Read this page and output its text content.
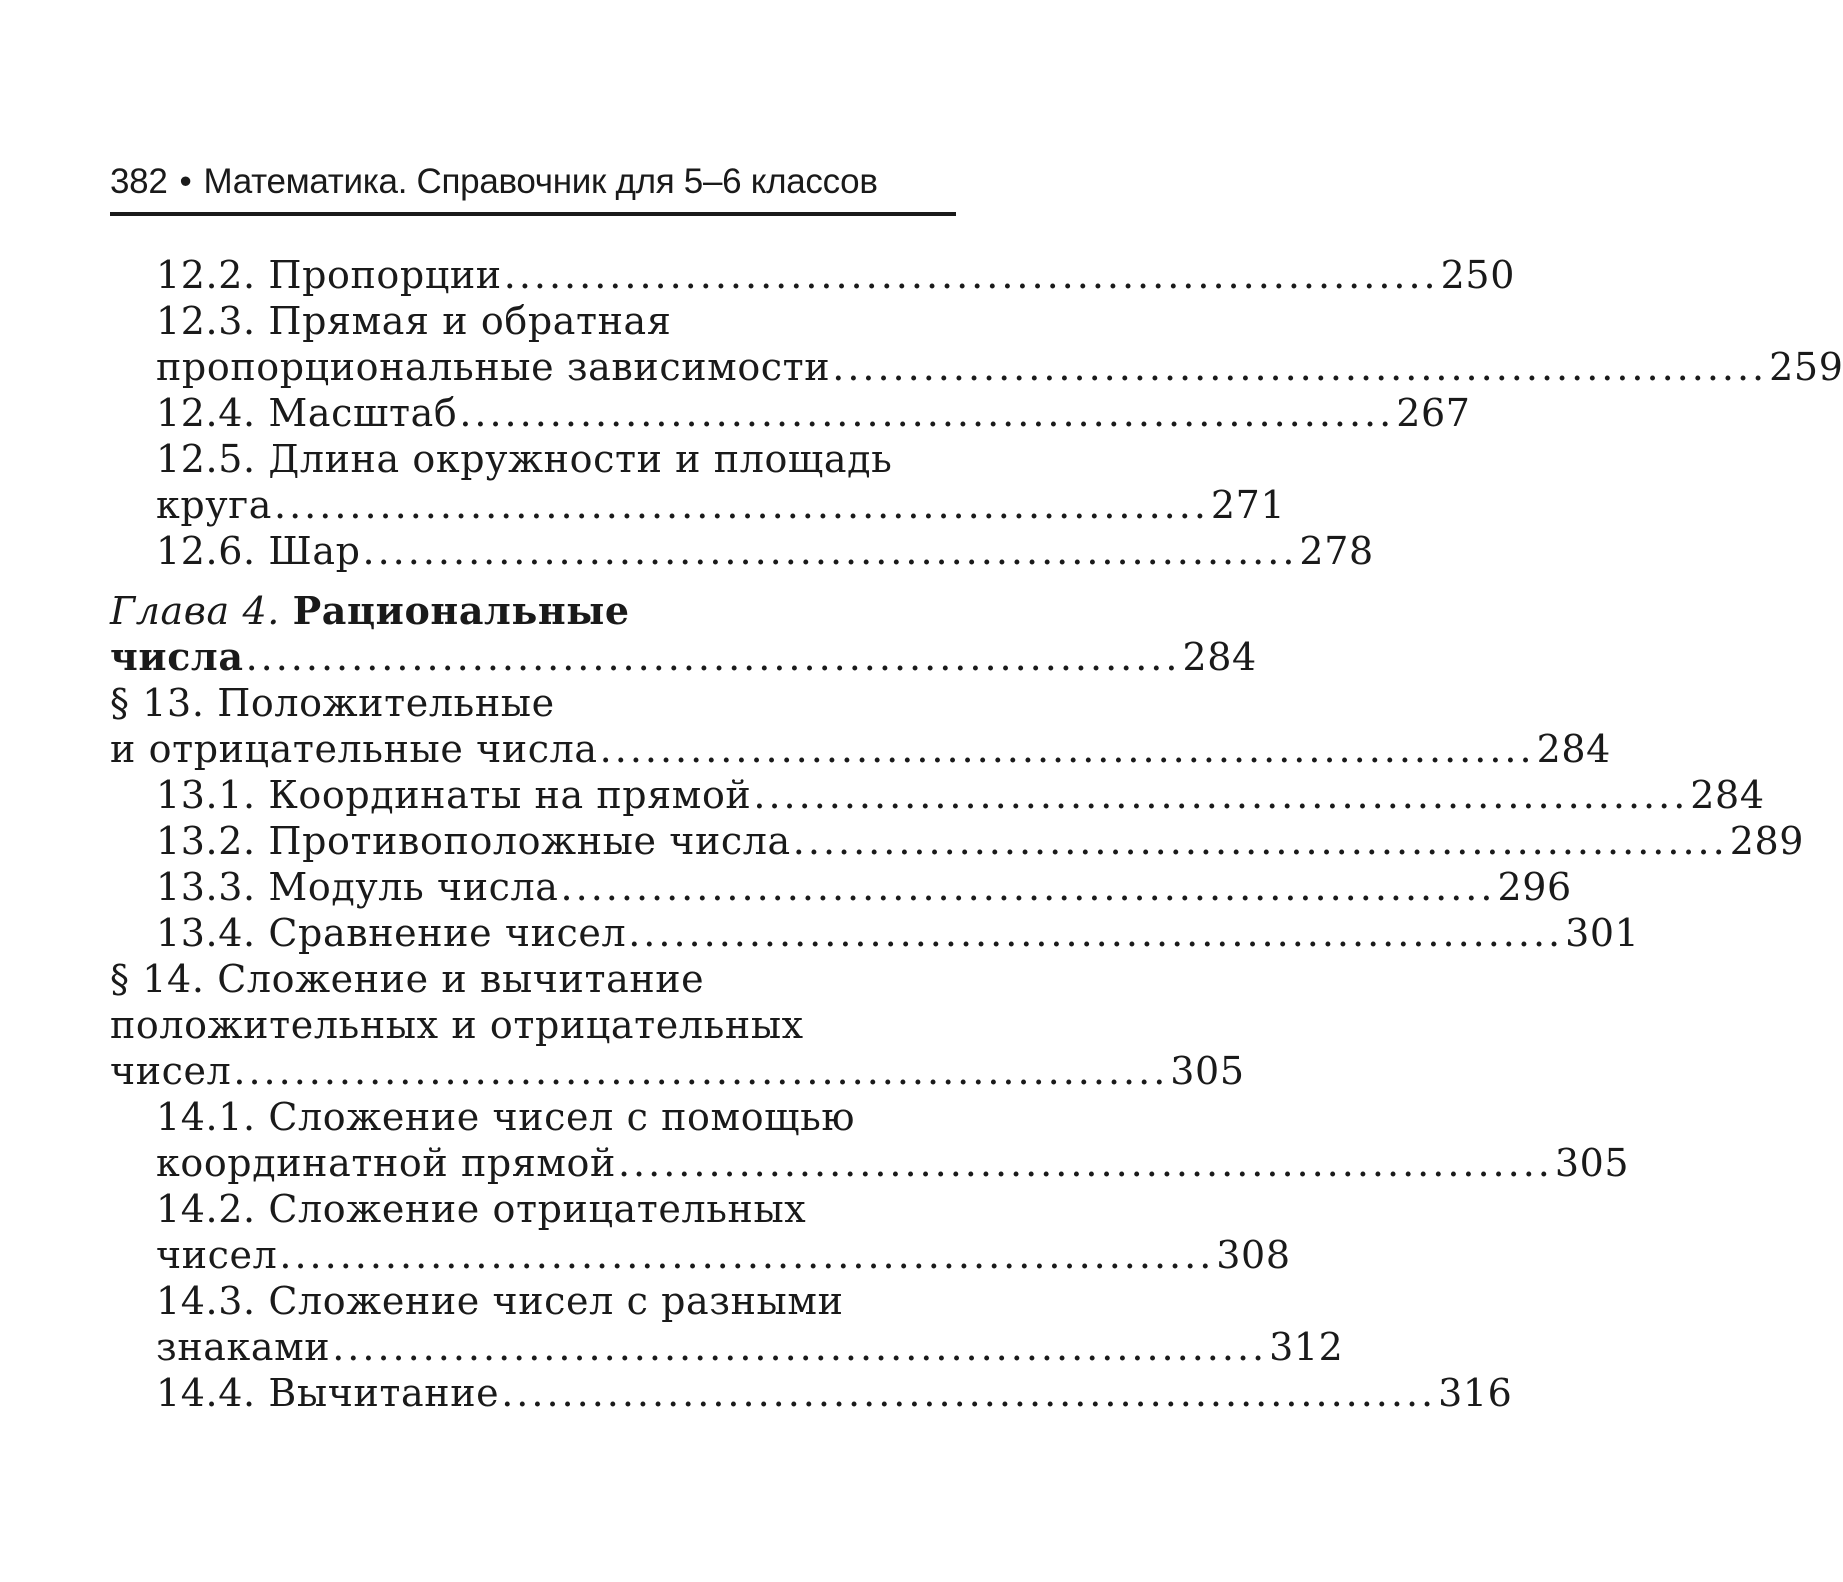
382 • Математика. Справочник для 5–6 классов
12.2. Пропорции .............................................................. 250
12.3. Прямая и обратная
пропорциональные зависимости .............................................................. 259
12.4. Масштаб .............................................................. 267
12.5. Длина окружности и площадь
круга .............................................................. 271
12.6. Шар .............................................................. 278
Глава 4. Рациональные
числа .............................................................. 284
§ 13. Положительные
и отрицательные числа .............................................................. 284
13.1. Координаты на прямой .............................................................. 284
13.2. Противоположные числа .............................................................. 289
13.3. Модуль числа .............................................................. 296
13.4. Сравнение чисел .............................................................. 301
§ 14. Сложение и вычитание
положительных и отрицательных
чисел .............................................................. 305
14.1. Сложение чисел с помощью
координатной прямой .............................................................. 305
14.2. Сложение отрицательных
чисел .............................................................. 308
14.3. Сложение чисел с разными
знаками .............................................................. 312
14.4. Вычитание .............................................................. 316
